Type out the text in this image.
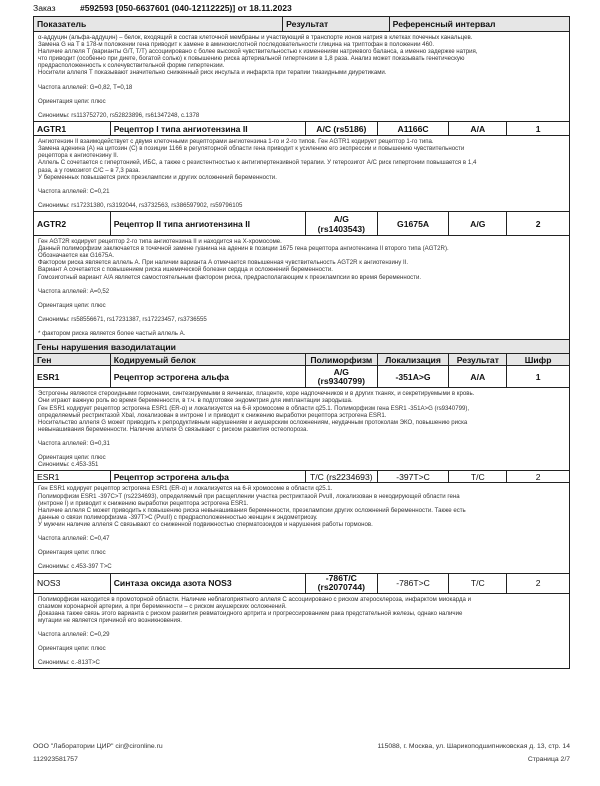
Заказ	#592593 [050-6637601 (040-12112225)] от 18.11.2023
Показатель	Результат	Референсный интервал

α-аддуцин (альфа-аддуцин) – белок, входящий в состав клеточной мембраны и участвующий в транспорте ионов натрия в клетках почечных канальцев.

Замена G на T в 178-м положении гена приводит к замене в аминокислотной последовательности глицина на триптофан в положении 460.

Наличие аллеля T (варианты G/T, T/T) ассоциировано с более высокой чувствительностью к изменениям натриевого баланса, а именно задержке натрия,

что приводит (особенно при диете, богатой солью) к повышению риска артериальной гипертензии в 1,8 раза. Анализ может показывать генетическую

предрасположенность к солечувствительной форме гипертензии.

Носители аллеля T показывают значительно сниженный риск инсульта и инфаркта при терапии тиазидными диуретиками.

Частота аллелей: G=0,82, T=0,18

Ориентация цепи: плюс

Синонимы: rs113752720, rs52823896, rs61347248, c.1378

AGTR1	Рецептор I типа ангиотензина II	A/C (rs5186)	A1166C	A/A	1

Ангиотензин II взаимодействует с двумя клеточными рецепторами ангиотензина 1-го и 2-го типов. Ген AGTR1 кодирует рецептор 1-го типа.

Замена аденина (A) на цитозин (C) в позиции 1166 в регуляторной области гена приводит к усилению его экспрессии и повышению чувствительности

рецептора к ангиотензину II.

Аллель C сочетается с гипертонией, ИБС, а также с резистентностью к антигипертензивной терапии. У гетерозигот A/C риск гипертонии повышается в 1,4

раза, а у гомозигот C/C – в 7,3 раза.

У беременных повышается риск преэклампсии и других осложнений беременности.

Частота аллелей: C=0,21

Синонимы: rs17231380, rs3192044, rs3732563, rs386597902, rs59796105

AGTR2	Рецептор II типа ангиотензина II	A/G
(rs1403543)	G1675A	A/G	2

Ген AGT2R кодирует рецептор 2-го типа ангиотензина II и находится на X-хромосоме.

Данный полиморфизм заключается в точечной замене гуанина на аденин в позиции 1675 гена рецептора ангиотензина II второго типа (AGT2R).

Обозначается как G1675A.

Фактором риска является аллель A. При наличии варианта A отмечается повышенная чувствительность AGT2R к ангиотензину II.

Вариант A сочетается с повышением риска ишемической болезни сердца и осложнений беременности.

Гомозиготный вариант A/A является самостоятельным фактором риска, предрасполагающим к преэклампсии во время беременности.

Частота аллелей: A=0,52

Ориентация цепи: плюс

Синонимы: rs58556671, rs17231387, rs17223457, rs3736555

* фактором риска является более частый аллель A.

Гены нарушения вазодилатации
Ген	Кодируемый белок	Полиморфизм	Локализация	Результат	Шифр
ESR1	Рецептор эстрогена альфа	A/G
(rs9340799)	-351A>G	A/A	1

Эстрогены являются стероидными гормонами, синтезируемыми в яичниках, плаценте, коре надпочечников и в других тканях, и секретируемыми в кровь.

Они играют важную роль во время беременности, в т.ч. в подготовке эндометрия для имплантации зародыша.

Ген ESR1 кодирует рецептор эстрогена ESR1 (ER-α) и локализуется на 6-й хромосоме в области q25.1. Полиморфизм гена ESR1 -351A>G (rs9340799),

определяемый рестриктазой XbaI, локализован в интроне I и приводит к снижению выработки рецептора эстрогена ESR1.

Носительство аллеля G может приводить к репродуктивным нарушениям и акушерским осложнениям, неудачным протоколам ЭКО, повышению риска

невынашивания беременности. Наличие аллеля G связывают с риском развития остеопороза.

Частота аллелей: G=0,31

Ориентация цепи: плюс

Синонимы: c.453-351

ESR1	Рецептор эстрогена альфа	T/C (rs2234693)	-397T>C	T/C	2

Ген ESR1 кодирует рецептор эстрогена ESR1 (ER-α) и локализуется на 6-й хромосоме в области q25.1.

Полиморфизм ESR1 -397C>T (rs2234693), определяемый при расщеплении участка рестриктазой PvuII, локализован в некодирующей области гена

(интроне I) и приводит к снижению выработки рецептора эстрогена ESR1.

Наличие аллеля C может приводить к повышению риска невынашивания беременности, преэклампсии других осложнений беременности. Также есть

данные о связи полиморфизма -397T>C (PvuII) с предрасположенностью женщин к эндометриозу.

У мужчин наличие аллеля C связывают со сниженной подвижностью сперматозоидов и нарушения работы гормонов.

Частота аллелей: C=0,47

Ориентация цепи: плюс

Синонимы: c.453-397 T>C

NOS3	Синтаза оксида азота NOS3	-786T/C
(rs2070744)	-786T>C	T/C	2

Полиморфизм находится в промоторной области. Наличие неблагоприятного аллеля C ассоциировано с риском атеросклероза, инфарктом миокарда и

спазмом коронарной артерии, а при беременности – с риском акушерских осложнений.

Доказана также связь этого варианта с риском развития ревматоидного артрита и прогрессированием рака предстательной железы, однако наличие

мутации не является причиной его возникновения.

Частота аллелей: C=0,29

Ориентация цепи: плюс

Синонимы: c.-813T>C

ООО "Лаборатории ЦИР" cir@cironline.ru	115088, г. Москва, ул. Шарикоподшипниковская д. 13, стр. 14
112923581757	Страница 2/7
